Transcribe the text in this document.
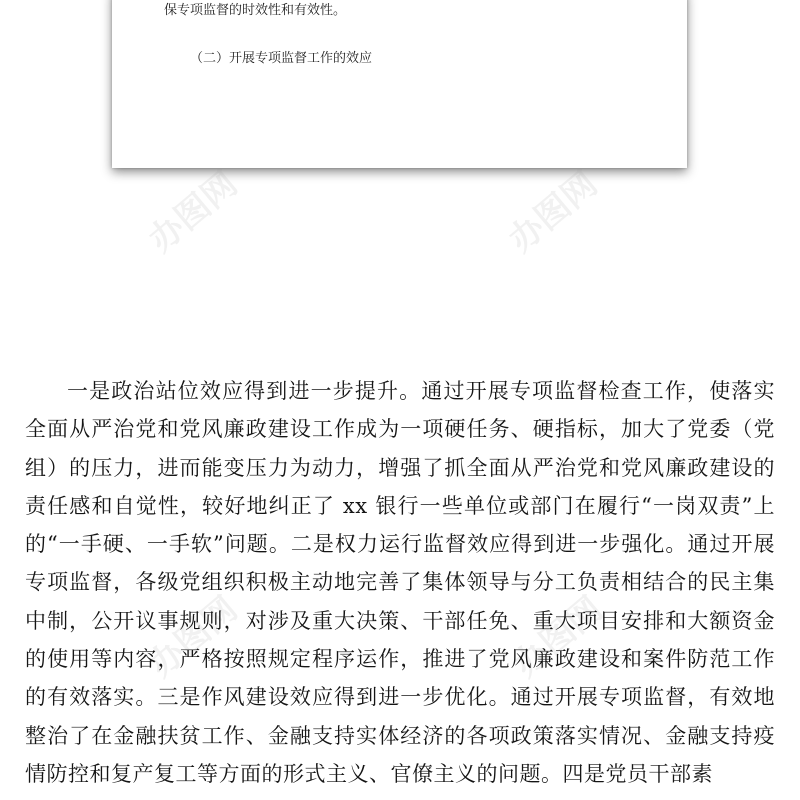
保专项监督的时效性和有效性。
（二）开展专项监督工作的效应
办图网	办图网
办图网	办图网

一是政治站位效应得到进一步提升。通过开展专项监督检查工作，使落实全面从严治党和党风廉政建设工作成为一项硬任务、硬指标，加大了党委（党组）的压力，进而能变压力为动力，增强了抓全面从严治党和党风廉政建设的责任感和自觉性，较好地纠正了 xx 银行一些单位或部门在履行“一岗双责”上的“一手硬、一手软”问题。二是权力运行监督效应得到进一步强化。通过开展专项监督，各级党组织积极主动地完善了集体领导与分工负责相结合的民主集中制，公开议事规则，对涉及重大决策、干部任免、重大项目安排和大额资金的使用等内容，严格按照规定程序运作，推进了党风廉政建设和案件防范工作的有效落实。三是作风建设效应得到进一步优化。通过开展专项监督，有效地整治了在金融扶贫工作、金融支持实体经济的各项政策落实情况、金融支持疫情防控和复产复工等方面的形式主义、官僚主义的问题。四是党员干部素
